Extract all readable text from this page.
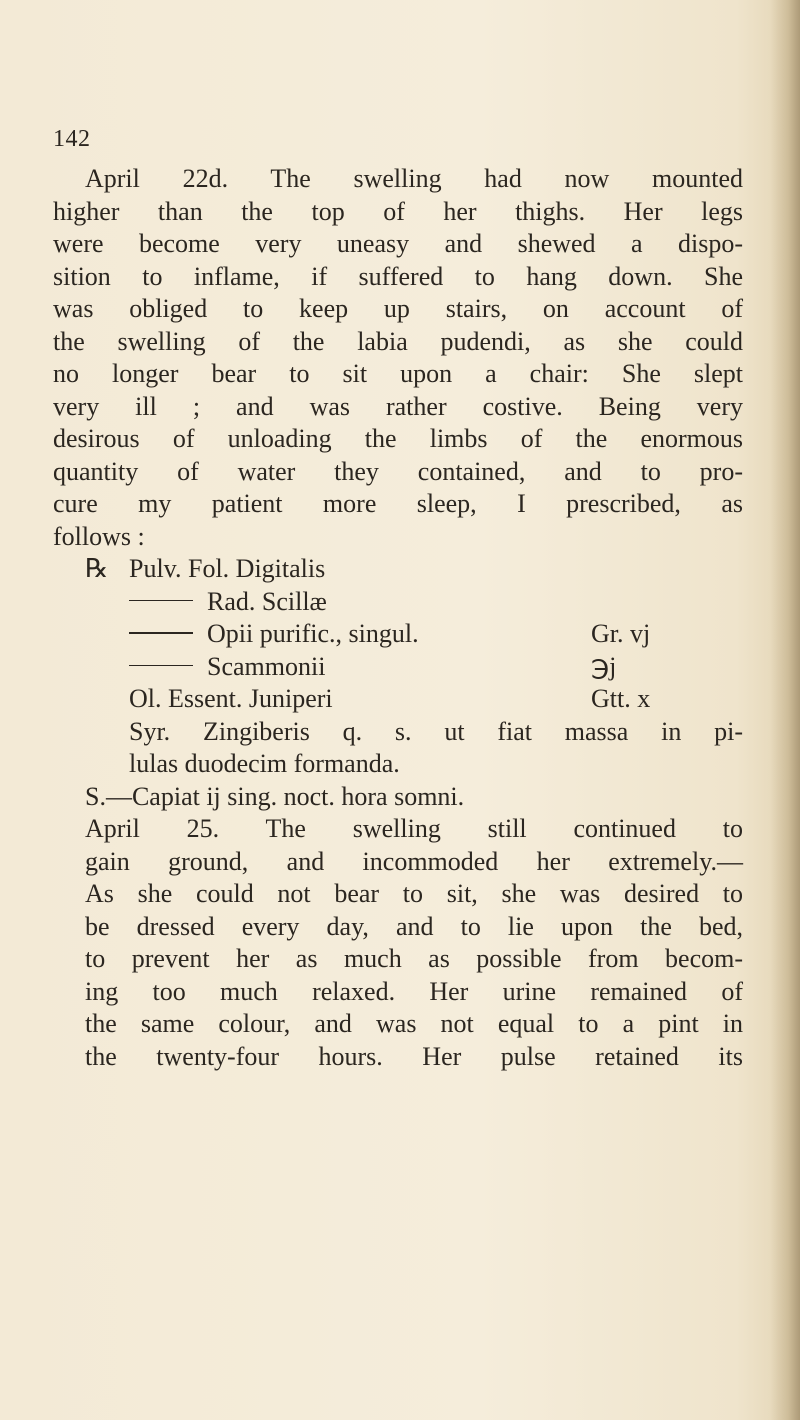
142
April 22d. The swelling had now mounted
higher than the top of her thighs. Her legs
were become very uneasy and shewed a dispo-
sition to inflame, if suffered to hang down. She
was obliged to keep up stairs, on account of
the swelling of the labia pudendi, as she could
no longer bear to sit upon a chair: She slept
very ill ; and was rather costive. Being very
desirous of unloading the limbs of the enormous
quantity of water they contained, and to pro-
cure my patient more sleep, I prescribed, as
follows :
℞ Pulv. Fol. Digitalis
Rad. Scillæ
Opii purific., singul.	Gr. vj
Scammonii	℈j
Ol. Essent. Juniperi	Gtt. x
Syr. Zingiberis q. s. ut fiat massa in pi-
lulas duodecim formanda.
S.—Capiat ij sing. noct. hora somni.
April 25. The swelling still continued to
gain ground, and incommoded her extremely.—
As she could not bear to sit, she was desired to
be dressed every day, and to lie upon the bed,
to prevent her as much as possible from becom-
ing too much relaxed. Her urine remained of
the same colour, and was not equal to a pint in
the twenty-four hours. Her pulse retained its
